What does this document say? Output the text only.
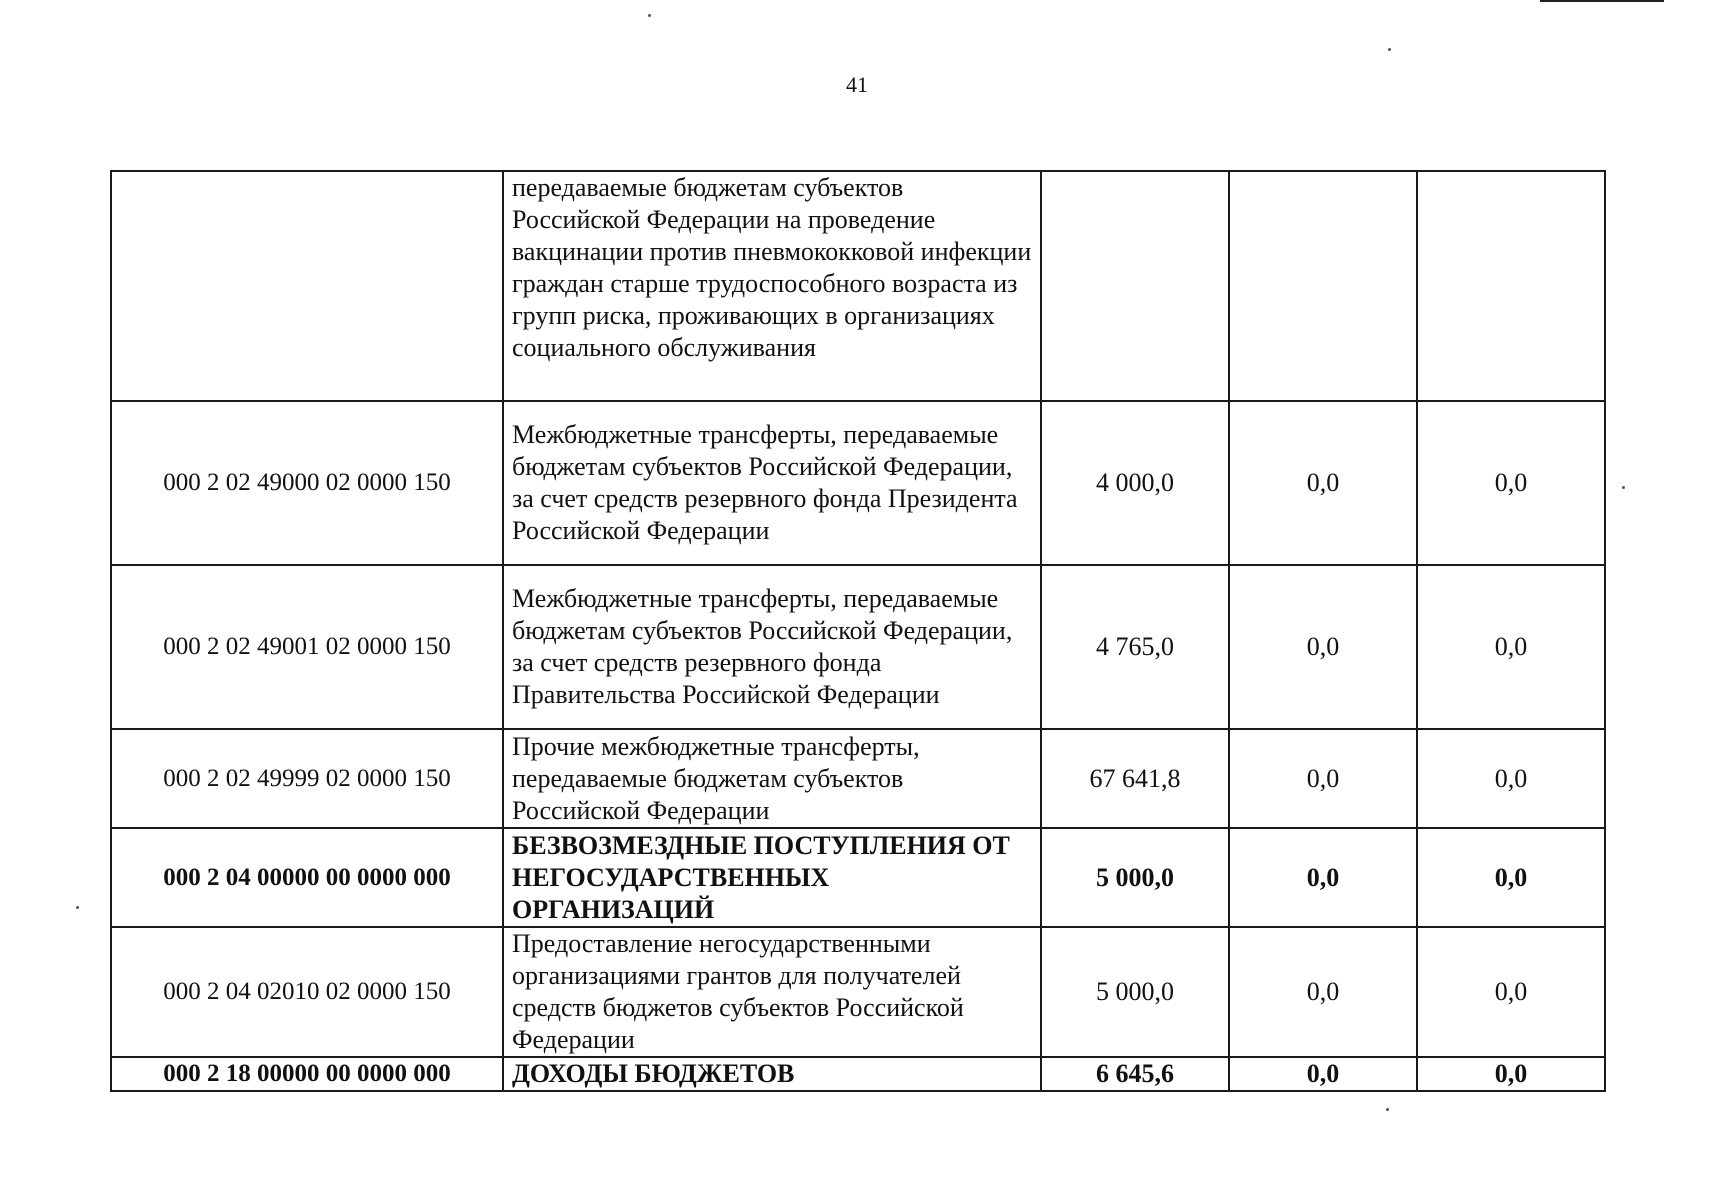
41
	передаваемые бюджетам субъектов Российской Федерации на проведение вакцинации против пневмококковой инфекции граждан старше трудоспособного возраста из групп риска, проживающих в организациях социального обслуживания			
000 2 02 49000 02 0000 150	Межбюджетные трансферты, передаваемые бюджетам субъектов Российской Федерации, за счет средств резервного фонда Президента Российской Федерации	4 000,0	0,0	0,0
000 2 02 49001 02 0000 150	Межбюджетные трансферты, передаваемые бюджетам субъектов Российской Федерации, за счет средств резервного фонда Правительства Российской Федерации	4 765,0	0,0	0,0
000 2 02 49999 02 0000 150	Прочие межбюджетные трансферты, передаваемые бюджетам субъектов Российской Федерации	67 641,8	0,0	0,0
000 2 04 00000 00 0000 000	БЕЗВОЗМЕЗДНЫЕ ПОСТУПЛЕНИЯ ОТ НЕГОСУДАРСТВЕННЫХ ОРГАНИЗАЦИЙ	5 000,0	0,0	0,0
000 2 04 02010 02 0000 150	Предоставление негосударственными организациями грантов для получателей средств бюджетов субъектов Российской Федерации	5 000,0	0,0	0,0
000 2 18 00000 00 0000 000	ДОХОДЫ БЮДЖЕТОВ	6 645,6	0,0	0,0
